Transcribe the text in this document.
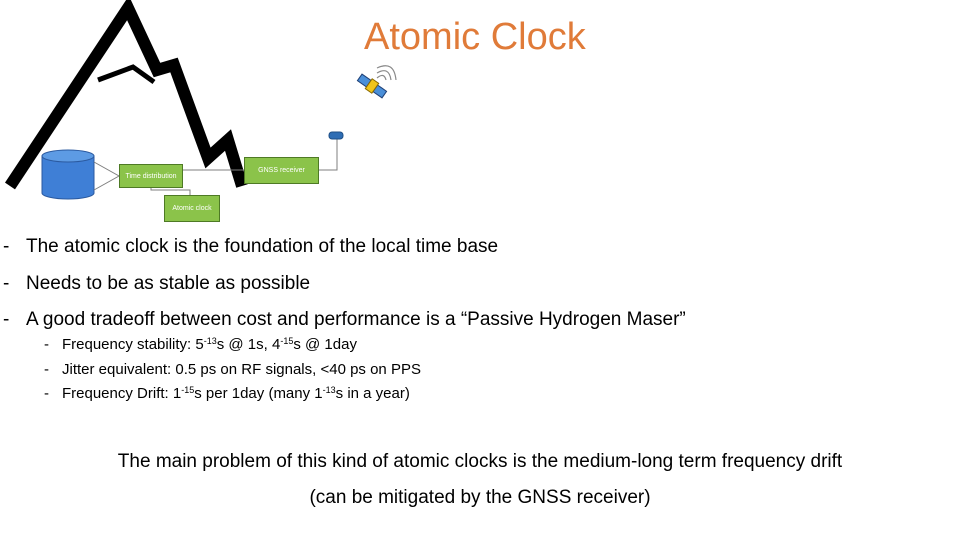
Atomic Clock
Time distribution
GNSS receiver
Atomic clock
- The atomic clock is the foundation of the local time base
- Needs to be as stable as possible
- A good tradeoff between cost and performance is a “Passive Hydrogen Maser”
- Frequency stability: $5^{-13}s$ @ 1s, $4^{-15}s$ @ 1day
- Jitter equivalent: 0.5 ps on RF signals, <40 ps on PPS
- Frequency Drift: $1^{-15}s$ per 1day (many $1^{-13}s$ in a year)
The main problem of this kind of atomic clocks is the medium-long term frequency drift
(can be mitigated by the GNSS receiver)
